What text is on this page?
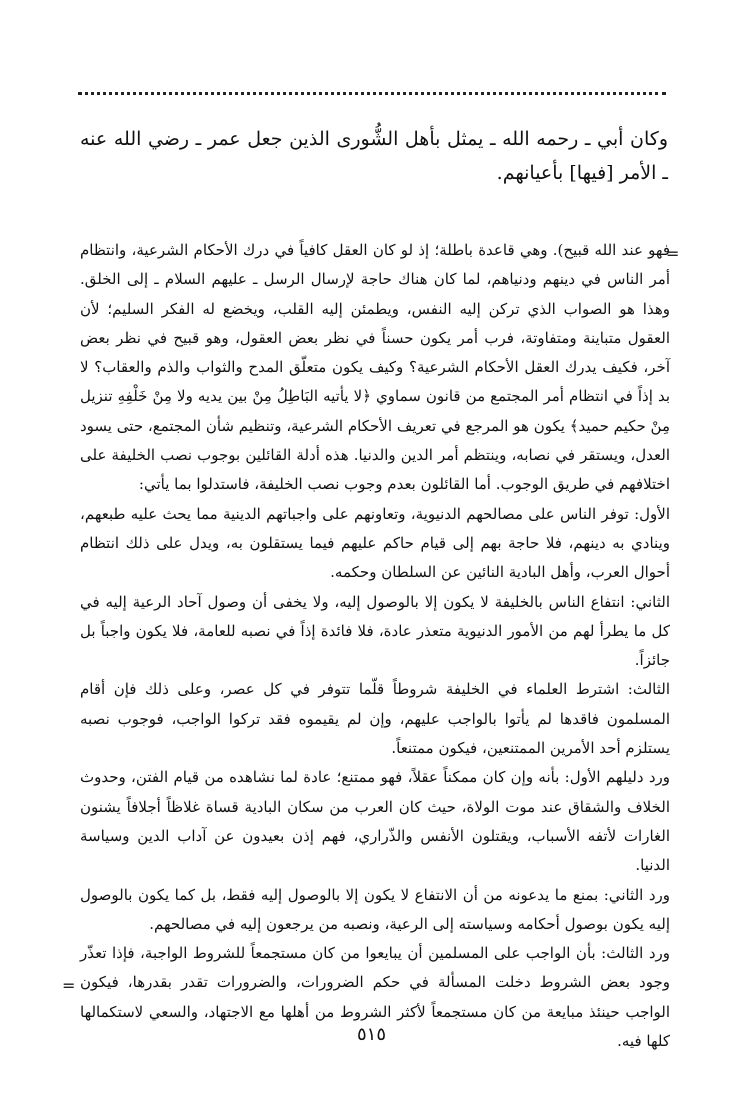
وكان أبي ـ رحمه الله ـ يمثل بأهل الشُّورى الذين جعل عمر ـ رضي الله عنه ـ الأمر [فيها] بأعيانهم.

=

فهو عند الله قبيح). وهي قاعدة باطلة؛ إذ لو كان العقل كافياً في درك الأحكام الشرعية، وانتظام أمر الناس في دينهم ودنياهم، لما كان هناك حاجة لإرسال الرسل ـ عليهم السلام ـ إلى الخلق. وهذا هو الصواب الذي تركن إليه النفس، ويطمئن إليه القلب، ويخضع له الفكر السليم؛ لأن العقول متباينة ومتفاوتة، فرب أمر يكون حسناً في نظر بعض العقول، وهو قبيح في نظر بعض آخر، فكيف يدرك العقل الأحكام الشرعية؟ وكيف يكون متعلّق المدح والثواب والذم والعقاب؟ لا بد إذاً في انتظام أمر المجتمع من قانون سماوي ﴿لا يأتيه البَاطِلُ مِنْ بين يديه ولا مِنْ خَلْفِهِ تنزيل مِنْ حكيم حميد﴾ يكون هو المرجع في تعريف الأحكام الشرعية، وتنظيم شأن المجتمع، حتى يسود العدل، ويستقر في نصابه، وينتظم أمر الدين والدنيا. هذه أدلة القائلين بوجوب نصب الخليفة على اختلافهم في طريق الوجوب. أما القائلون بعدم وجوب نصب الخليفة، فاستدلوا بما يأتي:

الأول: توفر الناس على مصالحهم الدنيوية، وتعاونهم على واجباتهم الدينية مما يحث عليه طبعهم، وينادي به دينهم، فلا حاجة بهم إلى قيام حاكم عليهم فيما يستقلون به، ويدل على ذلك انتظام أحوال العرب، وأهل البادية النائين عن السلطان وحكمه.

الثاني: انتفاع الناس بالخليفة لا يكون إلا بالوصول إليه، ولا يخفى أن وصول آحاد الرعية إليه في كل ما يطرأ لهم من الأمور الدنيوية متعذر عادة، فلا فائدة إذاً في نصبه للعامة، فلا يكون واجباً بل جائزاً.

الثالث: اشترط العلماء في الخليفة شروطاً قلّما تتوفر في كل عصر، وعلى ذلك فإن أقام المسلمون فاقدها لم يأتوا بالواجب عليهم، وإن لم يقيموه فقد تركوا الواجب، فوجوب نصبه يستلزم أحد الأمرين الممتنعين، فيكون ممتنعاً.

ورد دليلهم الأول: بأنه وإن كان ممكناً عقلاً، فهو ممتنع؛ عادة لما نشاهده من قيام الفتن، وحدوث الخلاف والشقاق عند موت الولاة، حيث كان العرب من سكان البادية قساة غلاظاً أجلافاً يشنون الغارات لأتفه الأسباب، ويقتلون الأنفس والذّراري، فهم إذن بعيدون عن آداب الدين وسياسة الدنيا.

ورد الثاني: بمنع ما يدعونه من أن الانتفاع لا يكون إلا بالوصول إليه فقط، بل كما يكون بالوصول إليه يكون بوصول أحكامه وسياسته إلى الرعية، ونصبه من يرجعون إليه في مصالحهم.

ورد الثالث: بأن الواجب على المسلمين أن يبايعوا من كان مستجمعاً للشروط الواجبة، فإذا تعذّر وجود بعض الشروط دخلت المسألة في حكم الضرورات، والضرورات تقدر بقدرها، فيكون الواجب حينئذ مبايعة من كان مستجمعاً لأكثر الشروط من أهلها مع الاجتهاد، والسعي لاستكمالها كلها فيه.

=
٥١٥
